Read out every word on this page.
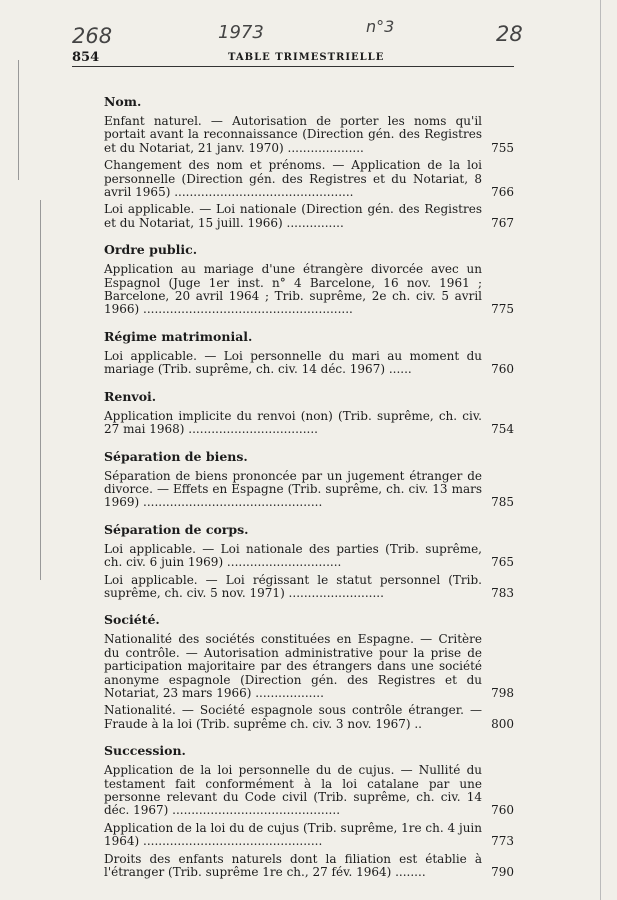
268	1973	n°3	28
854	TABLE TRIMESTRIELLE
Nom.
Enfant naturel. — Autorisation de porter les noms qu'il portait avant la reconnaissance (Direction gén. des Registres et du Notariat, 21 janv. 1970) ....................	755
Changement des nom et prénoms. — Application de la loi personnelle (Direction gén. des Registres et du Notariat, 8 avril 1965) ...............................................	766
Loi applicable. — Loi nationale (Direction gén. des Registres et du Notariat, 15 juill. 1966) ...............	767
Ordre public.
Application au mariage d'une étrangère divorcée avec un Espagnol (Juge 1er inst. n° 4 Barcelone, 16 nov. 1961 ; Barcelone, 20 avril 1964 ; Trib. suprême, 2e ch. civ. 5 avril 1966) .......................................................	775
Régime matrimonial.
Loi applicable. — Loi personnelle du mari au moment du mariage (Trib. suprême, ch. civ. 14 déc. 1967) ......	760
Renvoi.
Application implicite du renvoi (non) (Trib. suprême, ch. civ. 27 mai 1968) ..................................	754
Séparation de biens.
Séparation de biens prononcée par un jugement étranger de divorce. — Effets en Espagne (Trib. suprême, ch. civ. 13 mars 1969) ...............................................	785
Séparation de corps.
Loi applicable. — Loi nationale des parties (Trib. suprême, ch. civ. 6 juin 1969) ..............................	765
Loi applicable. — Loi régissant le statut personnel (Trib. suprême, ch. civ. 5 nov. 1971) .........................	783
Société.
Nationalité des sociétés constituées en Espagne. — Critère du contrôle. — Autorisation administrative pour la prise de participation majoritaire par des étrangers dans une société anonyme espagnole (Direction gén. des Registres et du Notariat, 23 mars 1966) ..................	798
Nationalité. — Société espagnole sous contrôle étranger. — Fraude à la loi (Trib. suprême ch. civ. 3 nov. 1967) ..	800
Succession.
Application de la loi personnelle du de cujus. — Nullité du testament fait conformément à la loi catalane par une personne relevant du Code civil (Trib. suprême, ch. civ. 14 déc. 1967) ............................................	760
Application de la loi du de cujus (Trib. suprême, 1re ch. 4 juin 1964) ...............................................	773
Droits des enfants naturels dont la filiation est établie à l'étranger (Trib. suprême 1re ch., 27 fév. 1964) ........	790
